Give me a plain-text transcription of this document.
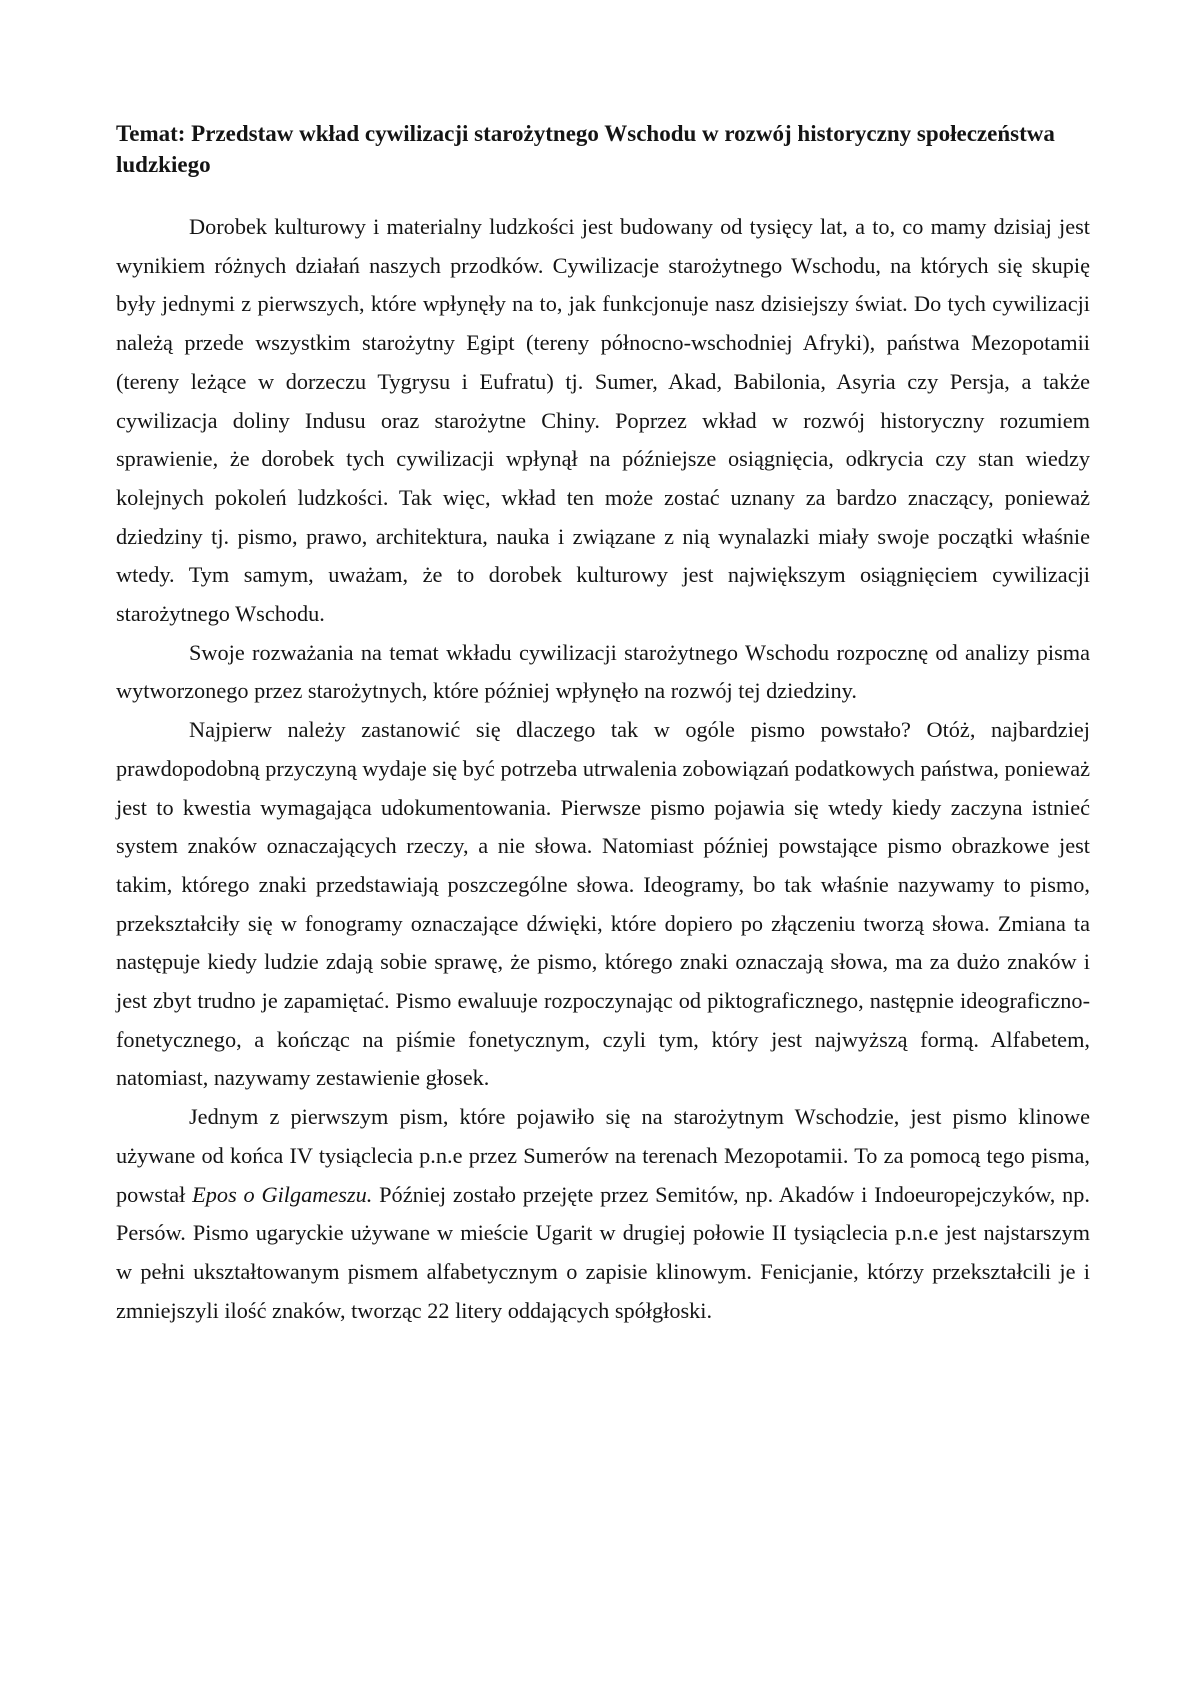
Temat: Przedstaw wkład cywilizacji starożytnego Wschodu w rozwój historyczny społeczeństwa ludzkiego

Dorobek kulturowy i materialny ludzkości jest budowany od tysięcy lat, a to, co mamy dzisiaj jest wynikiem różnych działań naszych przodków. Cywilizacje starożytnego Wschodu, na których się skupię były jednymi z pierwszych, które wpłynęły na to, jak funkcjonuje nasz dzisiejszy świat. Do tych cywilizacji należą przede wszystkim starożytny Egipt (tereny północno-wschodniej Afryki), państwa Mezopotamii (tereny leżące w dorzeczu Tygrysu i Eufratu) tj. Sumer, Akad, Babilonia, Asyria czy Persja, a także cywilizacja doliny Indusu oraz starożytne Chiny. Poprzez wkład w rozwój historyczny rozumiem sprawienie, że dorobek tych cywilizacji wpłynął na późniejsze osiągnięcia, odkrycia czy stan wiedzy kolejnych pokoleń ludzkości. Tak więc, wkład ten może zostać uznany za bardzo znaczący, ponieważ dziedziny tj. pismo, prawo, architektura, nauka i związane z nią wynalazki miały swoje początki właśnie wtedy. Tym samym, uważam, że to dorobek kulturowy jest największym osiągnięciem cywilizacji starożytnego Wschodu.

Swoje rozważania na temat wkładu cywilizacji starożytnego Wschodu rozpocznę od analizy pisma wytworzonego przez starożytnych, które później wpłynęło na rozwój tej dziedziny.

Najpierw należy zastanowić się dlaczego tak w ogóle pismo powstało? Otóż, najbardziej prawdopodobną przyczyną wydaje się być potrzeba utrwalenia zobowiązań podatkowych państwa, ponieważ jest to kwestia wymagająca udokumentowania. Pierwsze pismo pojawia się wtedy kiedy zaczyna istnieć system znaków oznaczających rzeczy, a nie słowa. Natomiast później powstające pismo obrazkowe jest takim, którego znaki przedstawiają poszczególne słowa. Ideogramy, bo tak właśnie nazywamy to pismo, przekształciły się w fonogramy oznaczające dźwięki, które dopiero po złączeniu tworzą słowa. Zmiana ta następuje kiedy ludzie zdają sobie sprawę, że pismo, którego znaki oznaczają słowa, ma za dużo znaków i jest zbyt trudno je zapamiętać. Pismo ewaluuje rozpoczynając od piktograficznego, następnie ideograficzno-fonetycznego, a kończąc na piśmie fonetycznym, czyli tym, który jest najwyższą formą. Alfabetem, natomiast, nazywamy zestawienie głosek.

Jednym z pierwszym pism, które pojawiło się na starożytnym Wschodzie, jest pismo klinowe używane od końca IV tysiąclecia p.n.e przez Sumerów na terenach Mezopotamii. To za pomocą tego pisma, powstał Epos o Gilgameszu. Później zostało przejęte przez Semitów, np. Akadów i Indoeuropejczyków, np. Persów. Pismo ugaryckie używane w mieście Ugarit w drugiej połowie II tysiąclecia p.n.e jest najstarszym w pełni ukształtowanym pismem alfabetycznym o zapisie klinowym. Fenicjanie, którzy przekształcili je i zmniejszyli ilość znaków, tworząc 22 litery oddających spółgłoski.
